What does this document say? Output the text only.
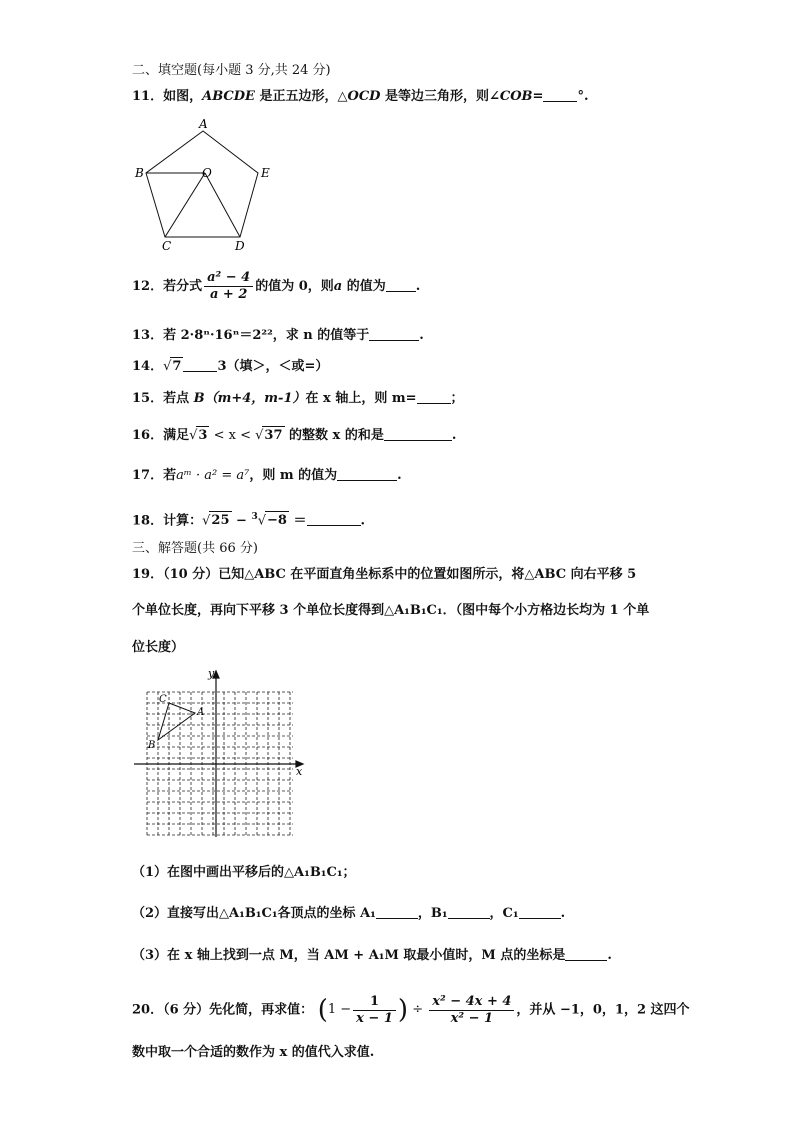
二、填空题(每小题 3 分,共 24 分)
11．如图，ABCDE 是正五边形，△OCD 是等边三角形，则∠COB=	°.
A
B	O	E
C	D
12．若分式 $\frac{\text{a² − 4}}{a + 2}$ 的值为 0，则a 的值为 .
13．若 2·8ⁿ·16ⁿ＝2²²，求 n 的值等于	.
14．√7	3（填＞，＜或=）
15．若点 B（m+4，m-1）在 x 轴上，则 m=	；
16．满足√3 < x < √37 的整数 x 的和是	.
17．若aᵐ · a² = a⁷，则 m 的值为	.
18．计算：√25 − $^3$√−8 ＝	.
三、解答题(共 66 分)
19．（10 分）已知△ABC 在平面直角坐标系中的位置如图所示，将△ABC 向右平移 5
个单位长度，再向下平移 3 个单位长度得到△A₁B₁C₁．（图中每个小方格边长均为 1 个单
位长度）
x
y
A
B
C
（1）在图中画出平移后的△A₁B₁C₁；
（2）直接写出△A₁B₁C₁各顶点的坐标 A₁	，B₁	，C₁	.
（3）在 x 轴上找到一点 M，当 AM + A₁M 取最小值时，M 点的坐标是	.
20．（6 分）先化简，再求值： ($1 - \frac{1}{x - 1}$ ) ÷ $\frac{\text{x² − 4x + 4}}{\text{x² − 1}}$ ，并从 −1，0，1，2 这四个
数中取一个合适的数作为 x 的值代入求值.
